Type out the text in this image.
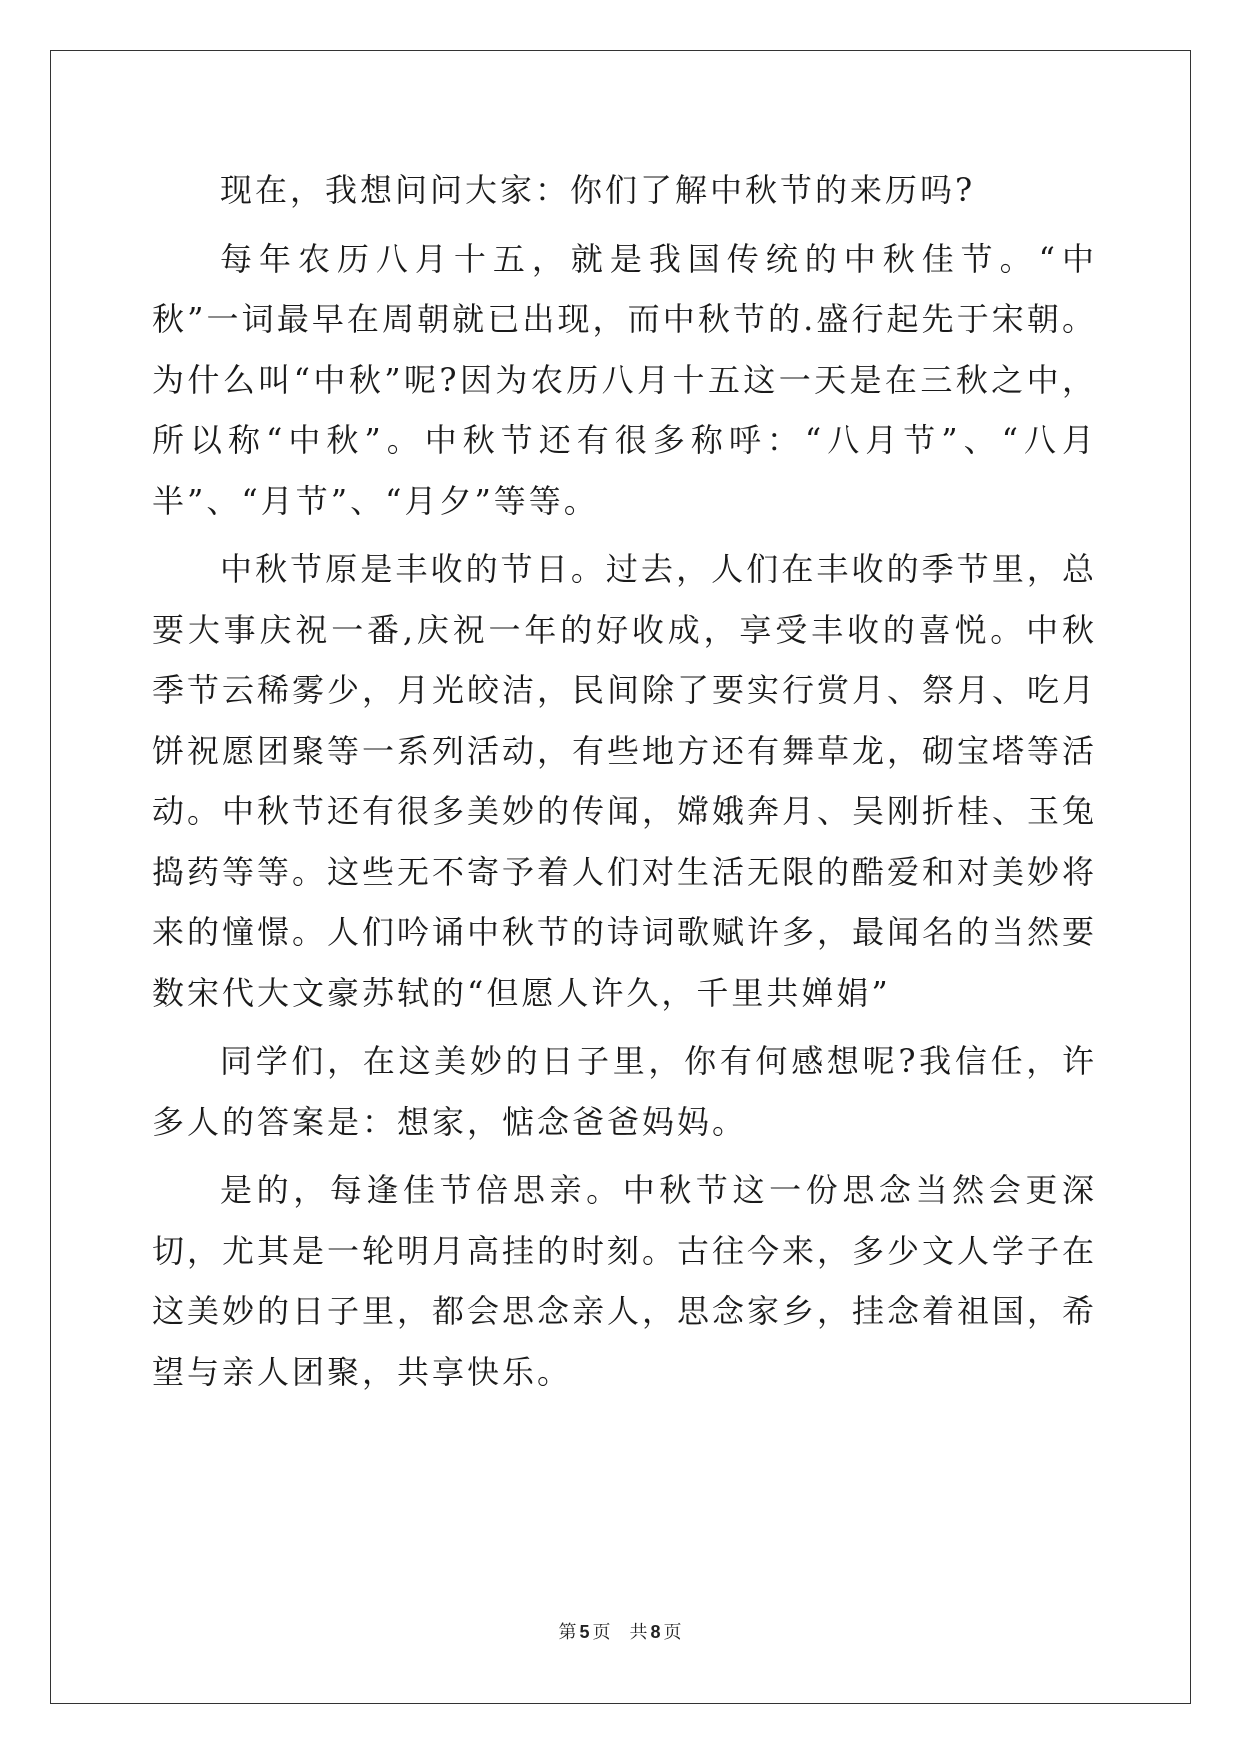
现在，我想问问大家：你们了解中秋节的来历吗?

每年农历八月十五，就是我国传统的中秋佳节。“中秋”一词最早在周朝就已出现，而中秋节的.盛行起先于宋朝。为什么叫“中秋”呢?因为农历八月十五这一天是在三秋之中，所以称“中秋”。中秋节还有很多称呼：“八月节”、“八月半”、“月节”、“月夕”等等。

中秋节原是丰收的节日。过去，人们在丰收的季节里，总要大事庆祝一番,庆祝一年的好收成，享受丰收的喜悦。中秋季节云稀雾少，月光皎洁，民间除了要实行赏月、祭月、吃月饼祝愿团聚等一系列活动，有些地方还有舞草龙，砌宝塔等活动。中秋节还有很多美妙的传闻，嫦娥奔月、吴刚折桂、玉兔捣药等等。这些无不寄予着人们对生活无限的酷爱和对美妙将来的憧憬。人们吟诵中秋节的诗词歌赋许多，最闻名的当然要数宋代大文豪苏轼的“但愿人许久，千里共婵娟”

同学们，在这美妙的日子里，你有何感想呢?我信任，许多人的答案是：想家，惦念爸爸妈妈。

是的，每逢佳节倍思亲。中秋节这一份思念当然会更深切，尤其是一轮明月高挂的时刻。古往今来，多少文人学子在这美妙的日子里，都会思念亲人，思念家乡，挂念着祖国，希望与亲人团聚，共享快乐。

第 5 页 共 8 页
